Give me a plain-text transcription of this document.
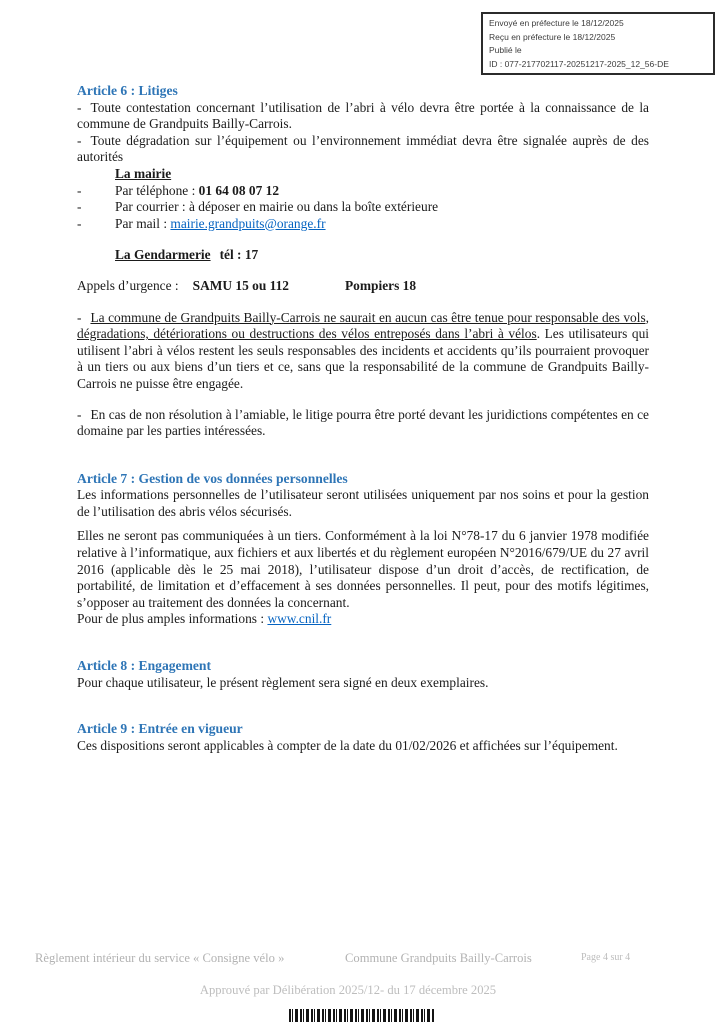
Envoyé en préfecture le 18/12/2025
Reçu en préfecture le 18/12/2025
Publié le
ID : 077-217702117-20251217-2025_12_56-DE

Article 6 : Litiges

- Toute contestation concernant l’utilisation de l’abri à vélo devra être portée à la connaissance de la commune de Grandpuits Bailly-Carrois.

- Toute dégradation sur l’équipement ou l’environnement immédiat devra être signalée auprès de des autorités

La mairie

-	Par téléphone : 01 64 08 07 12
-	Par courrier : à déposer en mairie ou dans la boîte extérieure
-	Par mail : mairie.grandpuits@orange.fr

La Gendarmerie tél : 17

Appels d’urgence : SAMU 15 ou 112	Pompiers 18

- La commune de Grandpuits Bailly-Carrois ne saurait en aucun cas être tenue pour responsable des vols, dégradations, détériorations ou destructions des vélos entreposés dans l’abri à vélos. Les utilisateurs qui utilisent l’abri à vélos restent les seuls responsables des incidents et accidents qu’ils pourraient provoquer à un tiers ou aux biens d’un tiers et ce, sans que la responsabilité de la commune de Grandpuits Bailly-Carrois ne puisse être engagée.

- En cas de non résolution à l’amiable, le litige pourra être porté devant les juridictions compétentes en ce domaine par les parties intéressées.

Article 7 : Gestion de vos données personnelles

Les informations personnelles de l’utilisateur seront utilisées uniquement par nos soins et pour la gestion de l’utilisation des abris vélos sécurisés.

Elles ne seront pas communiquées à un tiers. Conformément à la loi N°78-17 du 6 janvier 1978 modifiée relative à l’informatique, aux fichiers et aux libertés et du règlement européen N°2016/679/UE du 27 avril 2016 (applicable dès le 25 mai 2018), l’utilisateur dispose d’un droit d’accès, de rectification, de portabilité, de limitation et d’effacement à ses données personnelles. Il peut, pour des motifs légitimes, s’opposer au traitement des données la concernant.

Pour de plus amples informations : www.cnil.fr

Article 8 : Engagement

Pour chaque utilisateur, le présent règlement sera signé en deux exemplaires.

Article 9 : Entrée en vigueur

Ces dispositions seront applicables à compter de la date du 01/02/2026 et affichées sur l’équipement.

Règlement intérieur du service « Consigne vélo »	Commune Grandpuits Bailly-Carrois	Page 4 sur 4
Approuvé par Délibération 2025/12- du 17 décembre 2025
